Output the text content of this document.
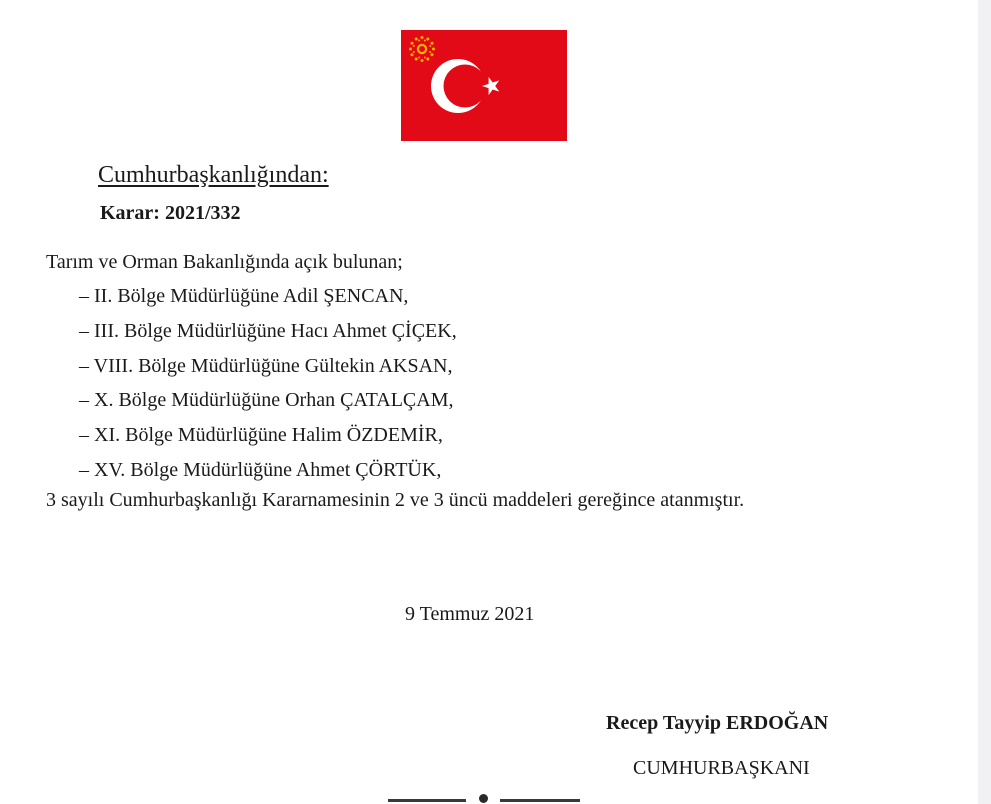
Cumhurbaşkanlığından:
Karar: 2021/332
Tarım ve Orman Bakanlığında açık bulunan;
– II. Bölge Müdürlüğüne Adil ŞENCAN,
– III. Bölge Müdürlüğüne Hacı Ahmet ÇİÇEK,
– VIII. Bölge Müdürlüğüne Gültekin AKSAN,
– X. Bölge Müdürlüğüne Orhan ÇATALÇAM,
– XI. Bölge Müdürlüğüne Halim ÖZDEMİR,
– XV. Bölge Müdürlüğüne Ahmet ÇÖRTÜK,
3 sayılı Cumhurbaşkanlığı Kararnamesinin 2 ve 3 üncü maddeleri gereğince atanmıştır.
9 Temmuz 2021
Recep Tayyip ERDOĞAN
CUMHURBAŞKANI
